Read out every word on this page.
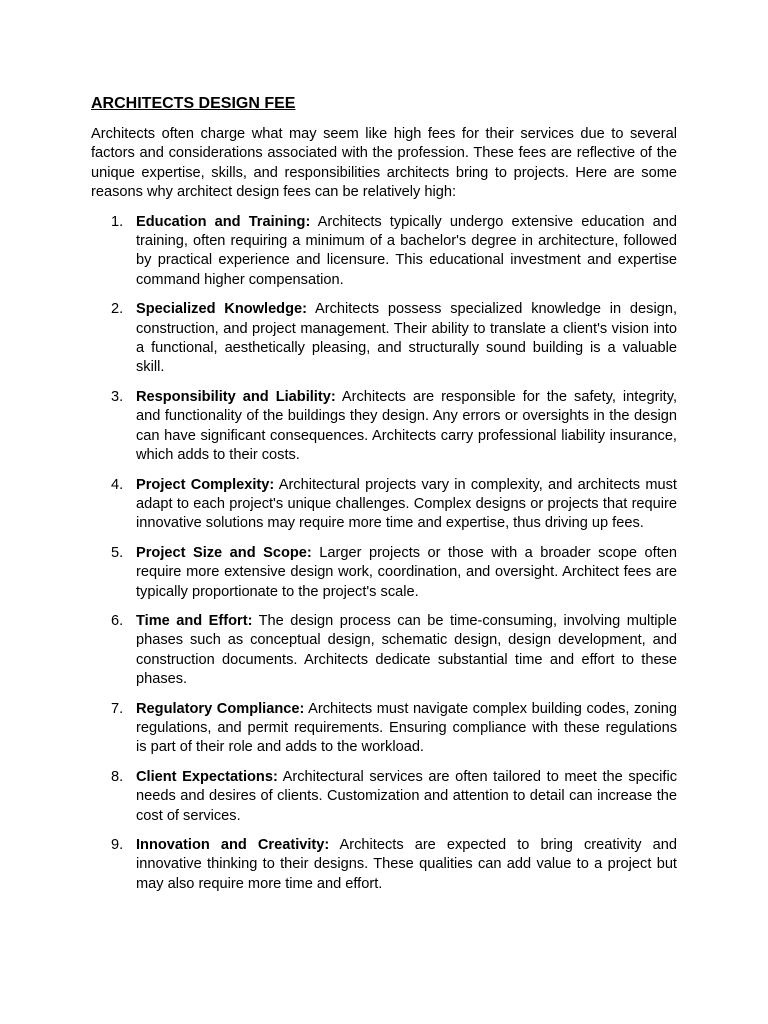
ARCHITECTS DESIGN FEE

Architects often charge what may seem like high fees for their services due to several factors and considerations associated with the profession. These fees are reflective of the unique expertise, skills, and responsibilities architects bring to projects. Here are some reasons why architect design fees can be relatively high:

1. Education and Training: Architects typically undergo extensive education and training, often requiring a minimum of a bachelor's degree in architecture, followed by practical experience and licensure. This educational investment and expertise command higher compensation.
2. Specialized Knowledge: Architects possess specialized knowledge in design, construction, and project management. Their ability to translate a client's vision into a functional, aesthetically pleasing, and structurally sound building is a valuable skill.
3. Responsibility and Liability: Architects are responsible for the safety, integrity, and functionality of the buildings they design. Any errors or oversights in the design can have significant consequences. Architects carry professional liability insurance, which adds to their costs.
4. Project Complexity: Architectural projects vary in complexity, and architects must adapt to each project's unique challenges. Complex designs or projects that require innovative solutions may require more time and expertise, thus driving up fees.
5. Project Size and Scope: Larger projects or those with a broader scope often require more extensive design work, coordination, and oversight. Architect fees are typically proportionate to the project's scale.
6. Time and Effort: The design process can be time-consuming, involving multiple phases such as conceptual design, schematic design, design development, and construction documents. Architects dedicate substantial time and effort to these phases.
7. Regulatory Compliance: Architects must navigate complex building codes, zoning regulations, and permit requirements. Ensuring compliance with these regulations is part of their role and adds to the workload.
8. Client Expectations: Architectural services are often tailored to meet the specific needs and desires of clients. Customization and attention to detail can increase the cost of services.
9. Innovation and Creativity: Architects are expected to bring creativity and innovative thinking to their designs. These qualities can add value to a project but may also require more time and effort.
